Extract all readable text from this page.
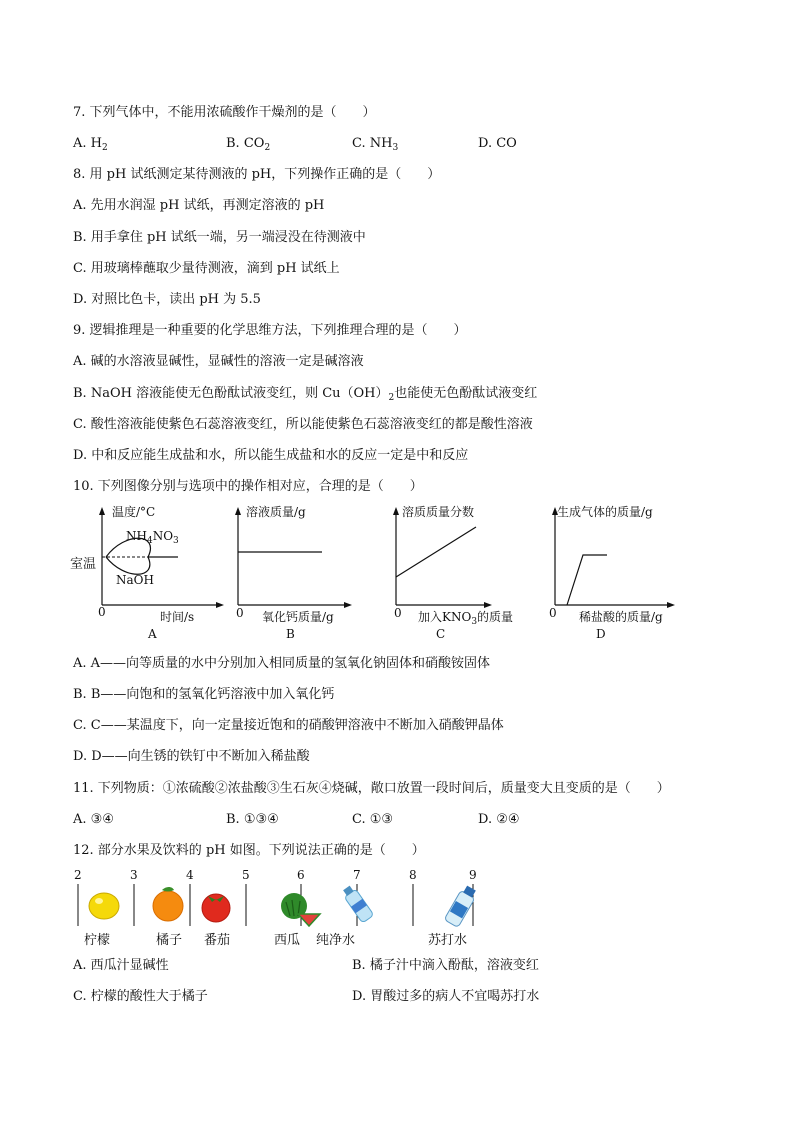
7. 下列气体中，不能用浓硫酸作干燥剂的是（　　）
A. $H_2$	B. $CO_2$	C. $NH_3$	D. CO
8. 用 pH 试纸测定某待测液的 pH，下列操作正确的是（　　）
A. 先用水润湿 pH 试纸，再测定溶液的 pH
B. 用手拿住 pH 试纸一端，另一端浸没在待测液中
C. 用玻璃棒蘸取少量待测液，滴到 pH 试纸上
D. 对照比色卡，读出 pH 为 5.5
9. 逻辑推理是一种重要的化学思维方法，下列推理合理的是（　　）
A. 碱的水溶液显碱性，显碱性的溶液一定是碱溶液
B. NaOH 溶液能使无色酚酞试液变红，则 $Cu(OH)_2$也能使无色酚酞试液变红
C. 酸性溶液能使紫色石蕊溶液变红，所以能使紫色石蕊溶液变红的都是酸性溶液
D. 中和反应能生成盐和水，所以能生成盐和水的反应一定是中和反应
10. 下列图像分别与选项中的操作相对应，合理的是（　　）
温度/°C
室温
$NH_4NO_3$
NaOH
0	时间/s
A
溶液质量/g
0 氧化钙质量/g
B
溶质质量分数
0 加入$KNO_3$的质量
C
生成气体的质量/g
0 稀盐酸的质量/g
D
A. A——向等质量的水中分别加入相同质量的氢氧化钠固体和硝酸铵固体
B. B——向饱和的氢氧化钙溶液中加入氧化钙
C. C——某温度下，向一定量接近饱和的硝酸钾溶液中不断加入硝酸钾晶体
D. D——向生锈的铁钉中不断加入稀盐酸
11. 下列物质：①浓硫酸②浓盐酸③生石灰④烧碱，敞口放置一段时间后，质量变大且变质的是（　　）
A. ③④	B. ①③④	C. ①③	D. ②④
12. 部分水果及饮料的 pH 如图。下列说法正确的是（　　）
2	3	4	5	6	7	8	9
柠檬	橘子 番茄	西瓜 纯净水	苏打水
A. 西瓜汁显碱性	B. 橘子汁中滴入酚酞，溶液变红
C. 柠檬的酸性大于橘子	D. 胃酸过多的病人不宜喝苏打水
